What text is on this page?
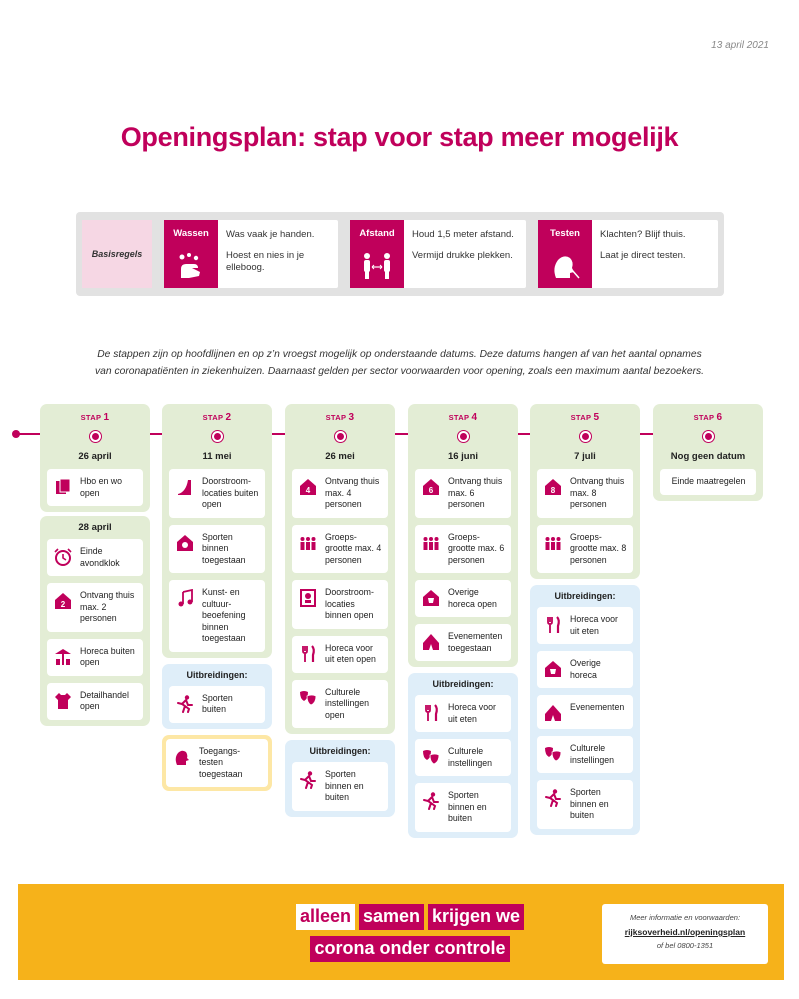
13 april 2021
Openingsplan: stap voor stap meer mogelijk
Basisregels
Wassen	Was vaak je handen.

Hoest en nies in je elleboog.

Afstand	Houd 1,5 meter afstand.

Vermijd drukke plekken.

Testen	Klachten? Blijf thuis.

Laat je direct testen.

De stappen zijn op hoofdlijnen en op z’n vroegst mogelijk op onderstaande datums. Deze datums hangen af van het aantal opnames
van coronapatiënten in ziekenhuizen. Daarnaast gelden per sector voorwaarden voor opening, zoals een maximum aantal bezoekers.
STAP 1
26 april
Hbo en wo open
28 april
Einde avondklok
2
Ontvang thuis max. 2 personen
Horeca buiten open
Detailhandel open
STAP 2
11 mei
Doorstroom-locaties buiten open
Sporten binnen toegestaan
Kunst- en cultuur-beoefening binnen toegestaan
Uitbreidingen:
Sporten buiten
Toegangs-testen toegestaan
STAP 3
26 mei
4
Ontvang thuis max. 4 personen
Groeps-grootte max. 4 personen
Doorstroom-locaties binnen open
Horeca voor uit eten open
Culturele instellingen open
Uitbreidingen:
Sporten binnen en buiten
STAP 4
16 juni
6
Ontvang thuis max. 6 personen
Groeps-grootte max. 6 personen
Overige horeca open
Evenementen toegestaan
Uitbreidingen:
Horeca voor uit eten
Culturele instellingen
Sporten binnen en buiten
STAP 5
7 juli
8
Ontvang thuis max. 8 personen
Groeps-grootte max. 8 personen
Uitbreidingen:
Horeca voor uit eten
Overige horeca
Evenementen
Culturele instellingen
Sporten binnen en buiten
STAP 6
Nog geen datum
Einde maatregelen
alleen samen krijgen we
corona onder controle
Meer informatie en voorwaarden:
rijksoverheid.nl/openingsplan
of bel 0800-1351
